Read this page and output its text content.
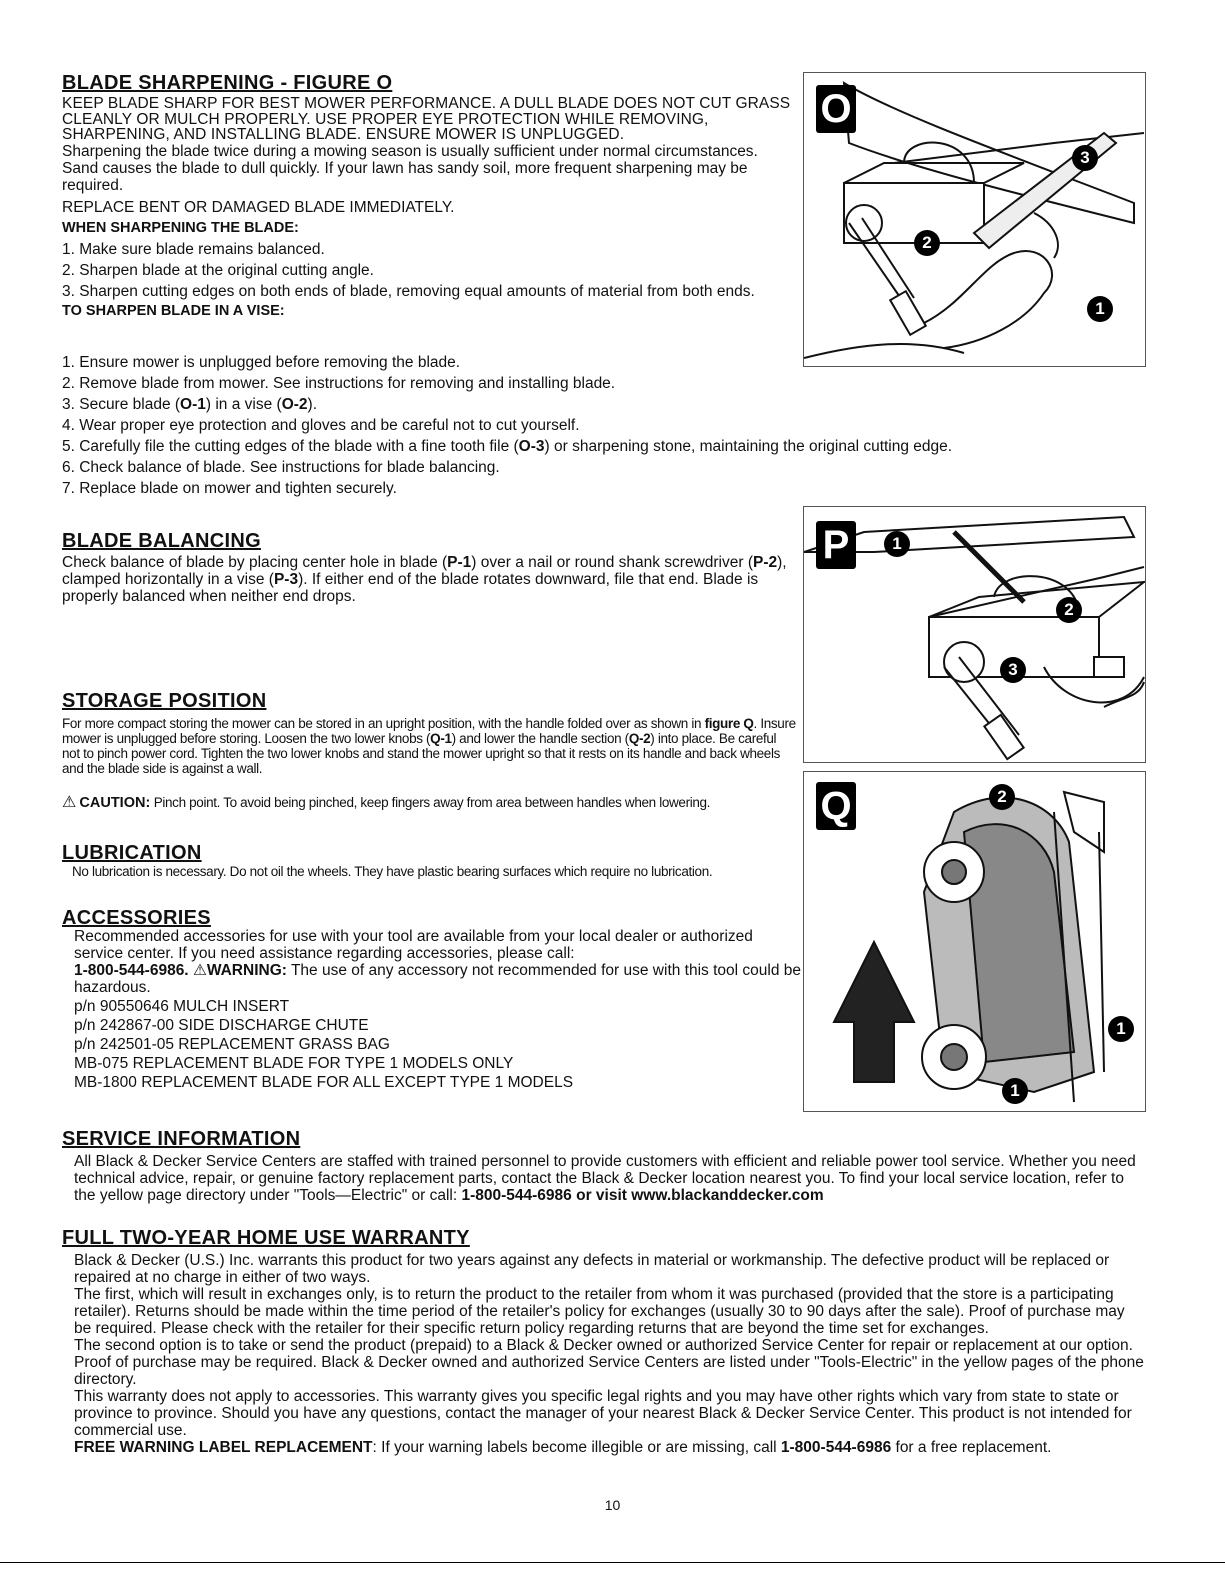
BLADE SHARPENING - FIGURE O

KEEP BLADE SHARP FOR BEST MOWER PERFORMANCE. A DULL BLADE DOES NOT CUT GRASS CLEANLY OR MULCH PROPERLY. USE PROPER EYE PROTECTION WHILE REMOVING, SHARPENING, AND INSTALLING BLADE. ENSURE MOWER IS UNPLUGGED.

Sharpening the blade twice during a mowing season is usually sufficient under normal circumstances. Sand causes the blade to dull quickly. If your lawn has sandy soil, more frequent sharpening may be required.

REPLACE BENT OR DAMAGED BLADE IMMEDIATELY.

WHEN SHARPENING THE BLADE:

1. Make sure blade remains balanced.

2. Sharpen blade at the original cutting angle.

3. Sharpen cutting edges on both ends of blade, removing equal amounts of material from both ends.

TO SHARPEN BLADE IN A VISE:

1. Ensure mower is unplugged before removing the blade.

2. Remove blade from mower. See instructions for removing and installing blade.

3. Secure blade (O-1) in a vise (O-2).

4. Wear proper eye protection and gloves and be careful not to cut yourself.

5. Carefully file the cutting edges of the blade with a fine tooth file (O-3) or sharpening stone, maintaining the original cutting edge.

6. Check balance of blade. See instructions for blade balancing.

7. Replace blade on mower and tighten securely.

O
3
2
1
BLADE BALANCING

Check balance of blade by placing center hole in blade (P-1) over a nail or round shank screwdriver (P-2), clamped horizontally in a vise (P-3). If either end of the blade rotates downward, file that end. Blade is properly balanced when neither end drops.

P	1
2
3
STORAGE POSITION

For more compact storing the mower can be stored in an upright position, with the handle folded over as shown in figure Q. Insure mower is unplugged before storing. Loosen the two lower knobs (Q-1) and lower the handle section (Q-2) into place. Be careful not to pinch power cord. Tighten the two lower knobs and stand the mower upright so that it rests on its handle and back wheels and the blade side is against a wall.

⚠ CAUTION: Pinch point. To avoid being pinched, keep fingers away from area between handles when lowering.

LUBRICATION

No lubrication is necessary. Do not oil the wheels. They have plastic bearing surfaces which require no lubrication.

ACCESSORIES

Recommended accessories for use with your tool are available from your local dealer or authorized service center. If you need assistance regarding accessories, please call:

1-800-544-6986. ⚠WARNING: The use of any accessory not recommended for use with this tool could be hazardous.

p/n 90550646 MULCH INSERT

p/n 242867-00 SIDE DISCHARGE CHUTE

p/n 242501-05 REPLACEMENT GRASS BAG

MB-075 REPLACEMENT BLADE FOR TYPE 1 MODELS ONLY

MB-1800 REPLACEMENT BLADE FOR ALL EXCEPT TYPE 1 MODELS

Q	2
1
1
SERVICE INFORMATION

All Black & Decker Service Centers are staffed with trained personnel to provide customers with efficient and reliable power tool service. Whether you need technical advice, repair, or genuine factory replacement parts, contact the Black & Decker location nearest you. To find your local service location, refer to the yellow page directory under "Tools—Electric" or call: 1-800-544-6986 or visit www.blackanddecker.com

FULL TWO-YEAR HOME USE WARRANTY

Black & Decker (U.S.) Inc. warrants this product for two years against any defects in material or workmanship. The defective product will be replaced or repaired at no charge in either of two ways.

The first, which will result in exchanges only, is to return the product to the retailer from whom it was purchased (provided that the store is a participating retailer). Returns should be made within the time period of the retailer's policy for exchanges (usually 30 to 90 days after the sale). Proof of purchase may be required. Please check with the retailer for their specific return policy regarding returns that are beyond the time set for exchanges.

The second option is to take or send the product (prepaid) to a Black & Decker owned or authorized Service Center for repair or replacement at our option. Proof of purchase may be required. Black & Decker owned and authorized Service Centers are listed under "Tools-Electric" in the yellow pages of the phone directory.

This warranty does not apply to accessories. This warranty gives you specific legal rights and you may have other rights which vary from state to state or province to province. Should you have any questions, contact the manager of your nearest Black & Decker Service Center. This product is not intended for commercial use.

FREE WARNING LABEL REPLACEMENT: If your warning labels become illegible or are missing, call 1-800-544-6986 for a free replacement.

10
